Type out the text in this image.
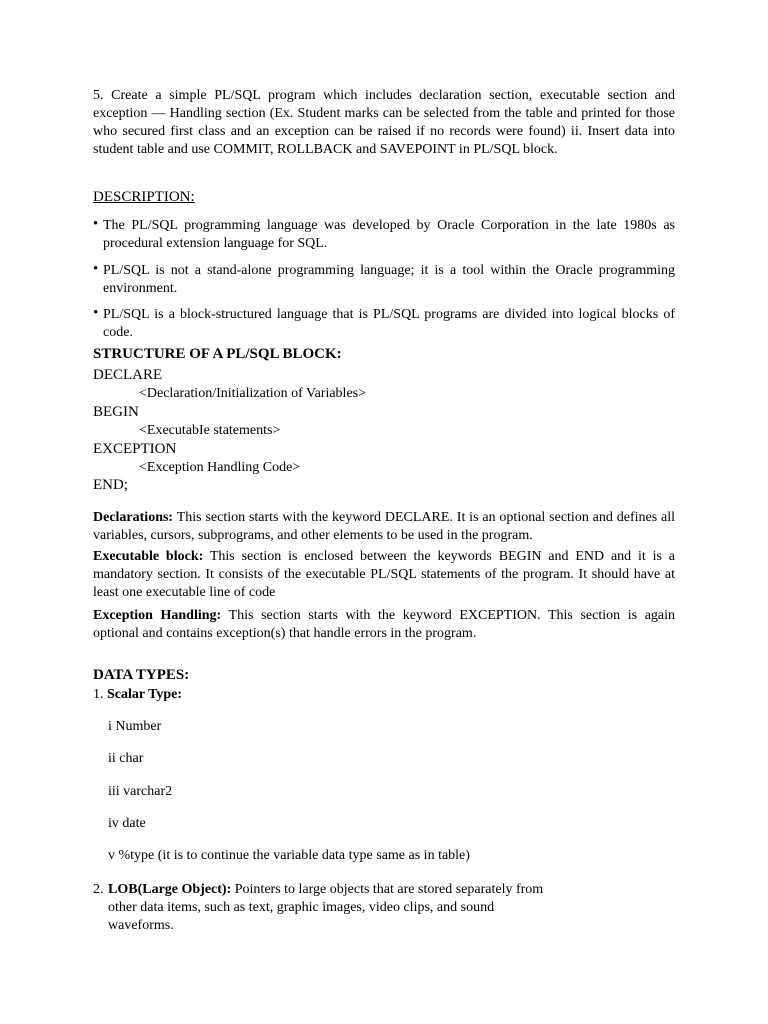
5. Create a simple PL/SQL program which includes declaration section, executable section and exception — Handling section (Ex. Student marks can be selected from the table and printed for those who secured first class and an exception can be raised if no records were found) ii. Insert data into student table and use COMMIT, ROLLBACK and SAVEPOINT in PL/SQL block.
DESCRIPTION:
• The PL/SQL programming language was developed by Oracle Corporation in the late 1980s as procedural extension language for SQL.
• PL/SQL is not a stand-alone programming language; it is a tool within the Oracle programming environment.
• PL/SQL is a block-structured language that is PL/SQL programs are divided into logical blocks of code.
STRUCTURE OF A PL/SQL BLOCK:
DECLARE
<Declaration/Initialization of Variables>
BEGIN
<ExecutabIe statements>
EXCEPTION
<Exception Handling Code>
END;
Declarations: This section starts with the keyword DECLARE. It is an optional section and defines all variables, cursors, subprograms, and other elements to be used in the program.
Executable block: This section is enclosed between the keywords BEGIN and END and it is a mandatory section. It consists of the executable PL/SQL statements of the program. It should have at least one executable line of code
Exception Handling: This section starts with the keyword EXCEPTION. This section is again optional and contains exception(s) that handle errors in the program.
DATA TYPES:
1. Scalar Type:
i Number
ii char
iii varchar2
iv date
v %type (it is to continue the variable data type same as in table)
2. LOB(Large Object): Pointers to large objects that are stored separately from other data items, such as text, graphic images, video clips, and sound waveforms.
